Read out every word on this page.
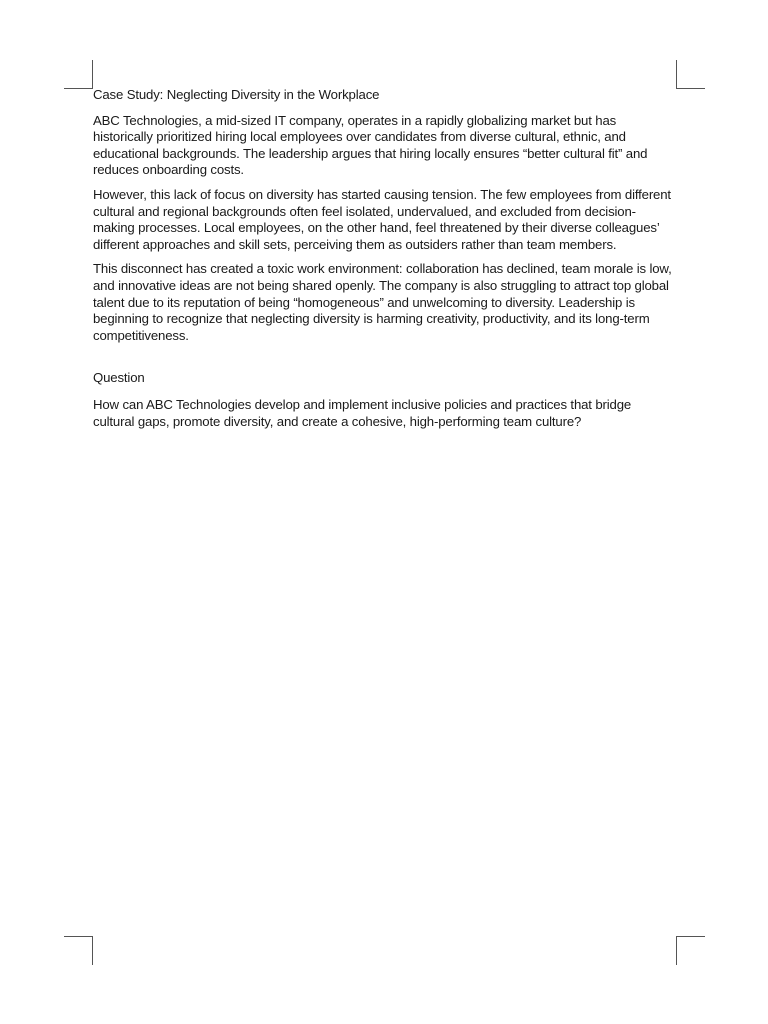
Case Study: Neglecting Diversity in the Workplace

ABC Technologies, a mid-sized IT company, operates in a rapidly globalizing market but has historically prioritized hiring local employees over candidates from diverse cultural, ethnic, and educational backgrounds. The leadership argues that hiring locally ensures “better cultural fit” and reduces onboarding costs.

However, this lack of focus on diversity has started causing tension. The few employees from different cultural and regional backgrounds often feel isolated, undervalued, and excluded from decision-making processes. Local employees, on the other hand, feel threatened by their diverse colleagues’ different approaches and skill sets, perceiving them as outsiders rather than team members.

This disconnect has created a toxic work environment: collaboration has declined, team morale is low, and innovative ideas are not being shared openly. The company is also struggling to attract top global talent due to its reputation of being “homogeneous” and unwelcoming to diversity. Leadership is beginning to recognize that neglecting diversity is harming creativity, productivity, and its long-term competitiveness.

Question

How can ABC Technologies develop and implement inclusive policies and practices that bridge cultural gaps, promote diversity, and create a cohesive, high-performing team culture?
